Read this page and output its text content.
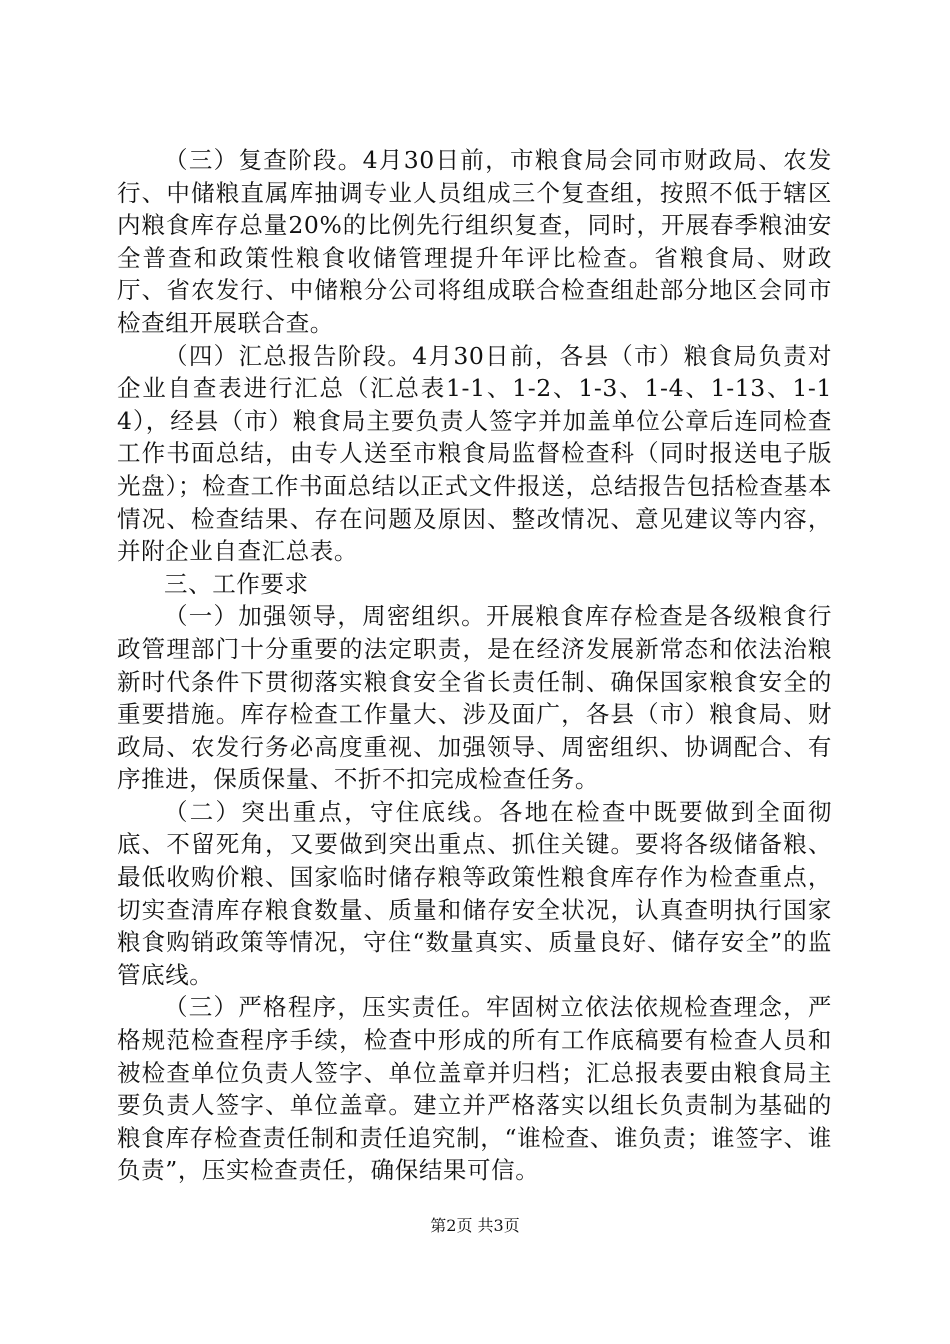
（三）复查阶段。4月30日前，市粮食局会同市财政局、农发行、中储粮直属库抽调专业人员组成三个复查组，按照不低于辖区内粮食库存总量20%的比例先行组织复查，同时，开展春季粮油安全普查和政策性粮食收储管理提升年评比检查。省粮食局、财政厅、省农发行、中储粮分公司将组成联合检查组赴部分地区会同市检查组开展联合查。

（四）汇总报告阶段。4月30日前，各县（市）粮食局负责对企业自查表进行汇总（汇总表1-1、1-2、1-3、1-4、1-13、1-14），经县（市）粮食局主要负责人签字并加盖单位公章后连同检查工作书面总结，由专人送至市粮食局监督检查科（同时报送电子版光盘）；检查工作书面总结以正式文件报送，总结报告包括检查基本情况、检查结果、存在问题及原因、整改情况、意见建议等内容，并附企业自查汇总表。

三、工作要求

（一）加强领导，周密组织。开展粮食库存检查是各级粮食行政管理部门十分重要的法定职责，是在经济发展新常态和依法治粮新时代条件下贯彻落实粮食安全省长责任制、确保国家粮食安全的重要措施。库存检查工作量大、涉及面广，各县（市）粮食局、财政局、农发行务必高度重视、加强领导、周密组织、协调配合、有序推进，保质保量、不折不扣完成检查任务。

（二）突出重点，守住底线。各地在检查中既要做到全面彻底、不留死角，又要做到突出重点、抓住关键。要将各级储备粮、最低收购价粮、国家临时储存粮等政策性粮食库存作为检查重点，切实查清库存粮食数量、质量和储存安全状况，认真查明执行国家粮食购销政策等情况，守住“数量真实、质量良好、储存安全”的监管底线。

（三）严格程序，压实责任。牢固树立依法依规检查理念，严格规范检查程序手续，检查中形成的所有工作底稿要有检查人员和被检查单位负责人签字、单位盖章并归档；汇总报表要由粮食局主要负责人签字、单位盖章。建立并严格落实以组长负责制为基础的粮食库存检查责任制和责任追究制，“谁检查、谁负责；谁签字、谁负责”，压实检查责任，确保结果可信。

第2页 共3页
